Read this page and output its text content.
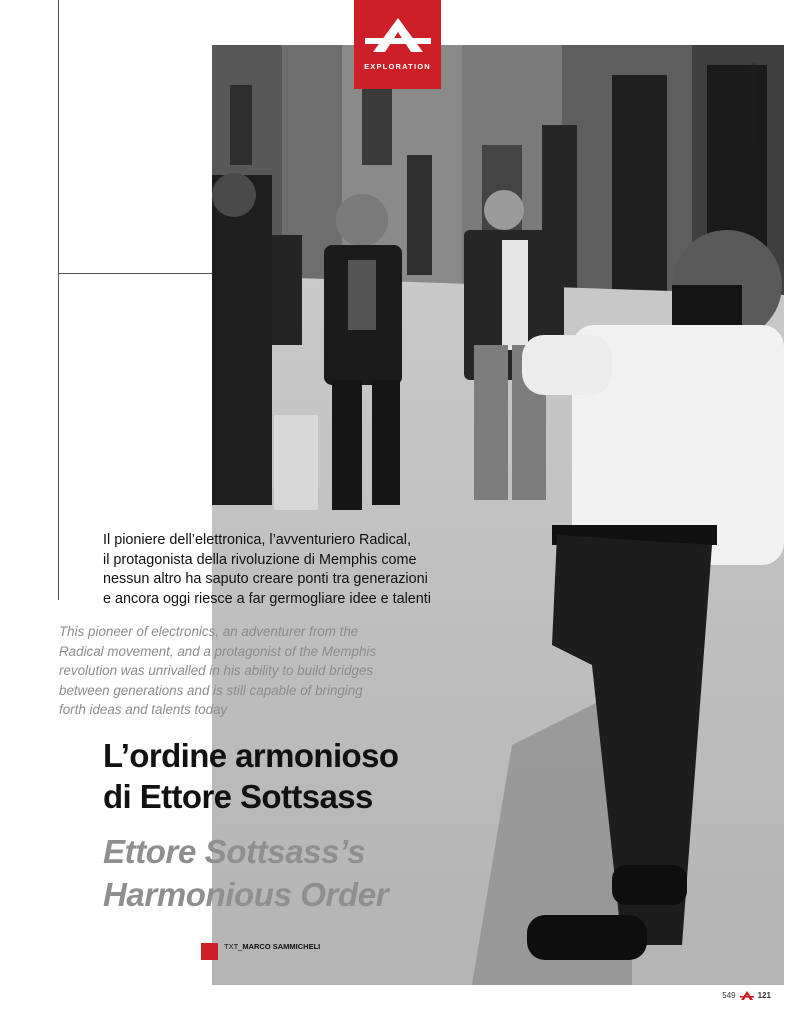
COURTESY STUDIO IRVINE
EXPLORATION
Il pioniere dell’elettronica, l’avventuriero Radical,
il protagonista della rivoluzione di Memphis come
nessun altro ha saputo creare ponti tra generazioni
e ancora oggi riesce a far germogliare idee e talenti
This pioneer of electronics, an adventurer from the
Radical movement, and a protagonist of the Memphis
revolution was unrivalled in his ability to build bridges
between generations and is still capable of bringing
forth ideas and talents today
L’ordine armonioso
di Ettore Sottsass
Ettore Sottsass’s
Harmonious Order
TXT_MARCO SAMMICHELI
549	121
